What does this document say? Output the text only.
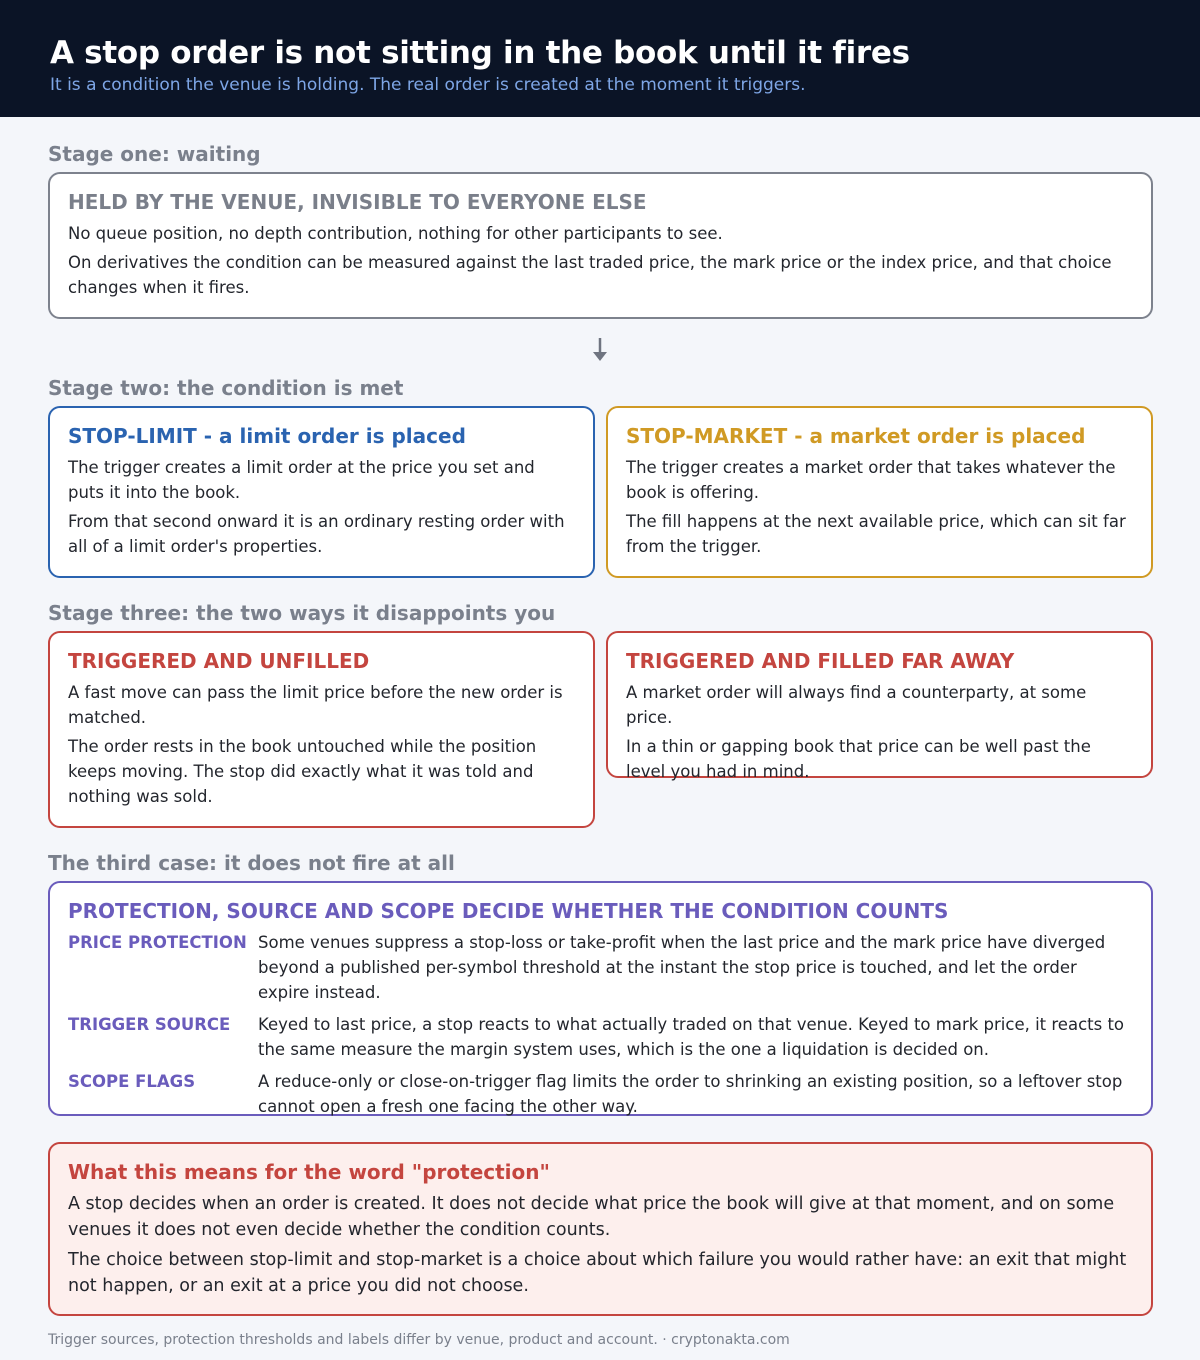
A stop order is not sitting in the book until it fires
It is a condition the venue is holding. The real order is created at the moment it triggers.
Stage one: waiting
HELD BY THE VENUE, INVISIBLE TO EVERYONE ELSE

No queue position, no depth contribution, nothing for other participants to see.

On derivatives the condition can be measured against the last traded price, the mark price or the index price, and that choice changes when it fires.

Stage two: the condition is met
STOP-LIMIT - a limit order is placed

The trigger creates a limit order at the price you set and puts it into the book.

From that second onward it is an ordinary resting order with all of a limit order's properties.

STOP-MARKET - a market order is placed

The trigger creates a market order that takes whatever the book is offering.

The fill happens at the next available price, which can sit far from the trigger.

Stage three: the two ways it disappoints you
TRIGGERED AND UNFILLED

A fast move can pass the limit price before the new order is matched.

The order rests in the book untouched while the position keeps moving. The stop did exactly what it was told and nothing was sold.

TRIGGERED AND FILLED FAR AWAY

A market order will always find a counterparty, at some price.

In a thin or gapping book that price can be well past the level you had in mind.

The third case: it does not fire at all
PROTECTION, SOURCE AND SCOPE DECIDE WHETHER THE CONDITION COUNTS
PRICE PROTECTION Some venues suppress a stop-loss or take-profit when the last price and the mark price have diverged beyond a published per-symbol threshold at the instant the stop price is touched, and let the order expire instead.
TRIGGER SOURCE	Keyed to last price, a stop reacts to what actually traded on that venue. Keyed to mark price, it reacts to the same measure the margin system uses, which is the one a liquidation is decided on.
SCOPE FLAGS	A reduce-only or close-on-trigger flag limits the order to shrinking an existing position, so a leftover stop cannot open a fresh one facing the other way.
What this means for the word "protection"

A stop decides when an order is created. It does not decide what price the book will give at that moment, and on some venues it does not even decide whether the condition counts.

The choice between stop-limit and stop-market is a choice about which failure you would rather have: an exit that might not happen, or an exit at a price you did not choose.

Trigger sources, protection thresholds and labels differ by venue, product and account. · cryptonakta.com
